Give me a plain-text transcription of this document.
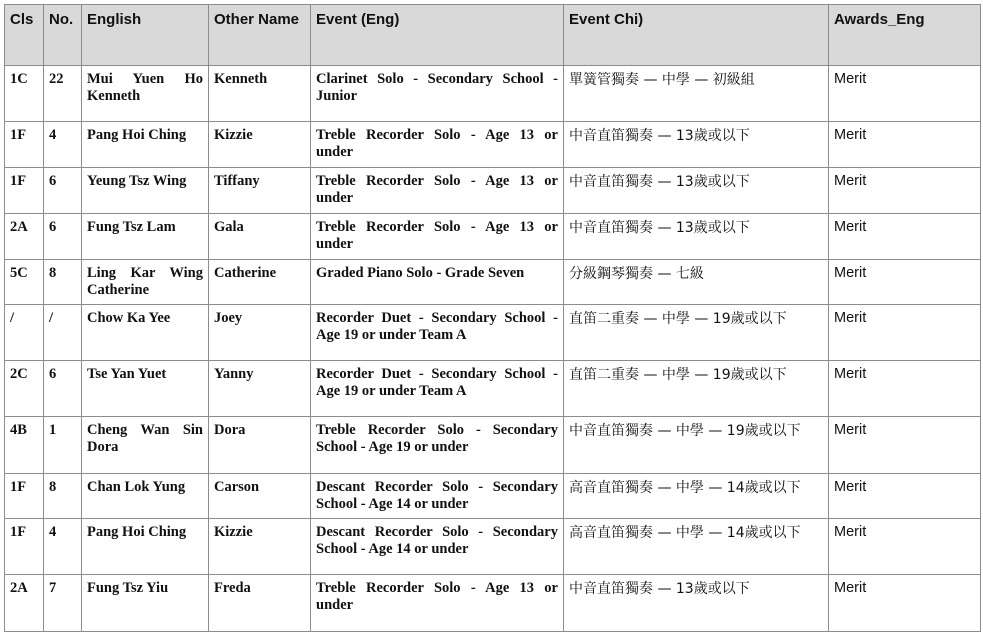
Cls	No.	English	Other Name	Event (Eng)	Event Chi)	Awards_Eng

1C	22	Mui Yuen Ho Kenneth	Kenneth	Clarinet Solo - Secondary School - Junior	單簧管獨奏 — 中學 — 初級組	Merit

1F	4	Pang Hoi Ching	Kizzie	Treble Recorder Solo - Age 13 or under	中音直笛獨奏 — 13歲或以下	Merit

1F	6	Yeung Tsz Wing	Tiffany	Treble Recorder Solo - Age 13 or under	中音直笛獨奏 — 13歲或以下	Merit

2A	6	Fung Tsz Lam	Gala	Treble Recorder Solo - Age 13 or under	中音直笛獨奏 — 13歲或以下	Merit

5C	8	Ling Kar Wing Catherine	Catherine	Graded Piano Solo - Grade Seven	分級鋼琴獨奏 — 七級	Merit

/	/	Chow Ka Yee	Joey	Recorder Duet - Secondary School - Age 19 or under Team A	直笛二重奏 — 中學 — 19歲或以下	Merit

2C	6	Tse Yan Yuet	Yanny	Recorder Duet - Secondary School - Age 19 or under Team A	直笛二重奏 — 中學 — 19歲或以下	Merit

4B	1	Cheng Wan Sin Dora	Dora	Treble Recorder Solo - Secondary School - Age 19 or under	中音直笛獨奏 — 中學 — 19歲或以下	Merit

1F	8	Chan Lok Yung	Carson	Descant Recorder Solo - Secondary School - Age 14 or under	高音直笛獨奏 — 中學 — 14歲或以下	Merit

1F	4	Pang Hoi Ching	Kizzie	Descant Recorder Solo - Secondary School - Age 14 or under	高音直笛獨奏 — 中學 — 14歲或以下	Merit

2A	7	Fung Tsz Yiu	Freda	Treble Recorder Solo - Age 13 or under	中音直笛獨奏 — 13歲或以下	Merit
